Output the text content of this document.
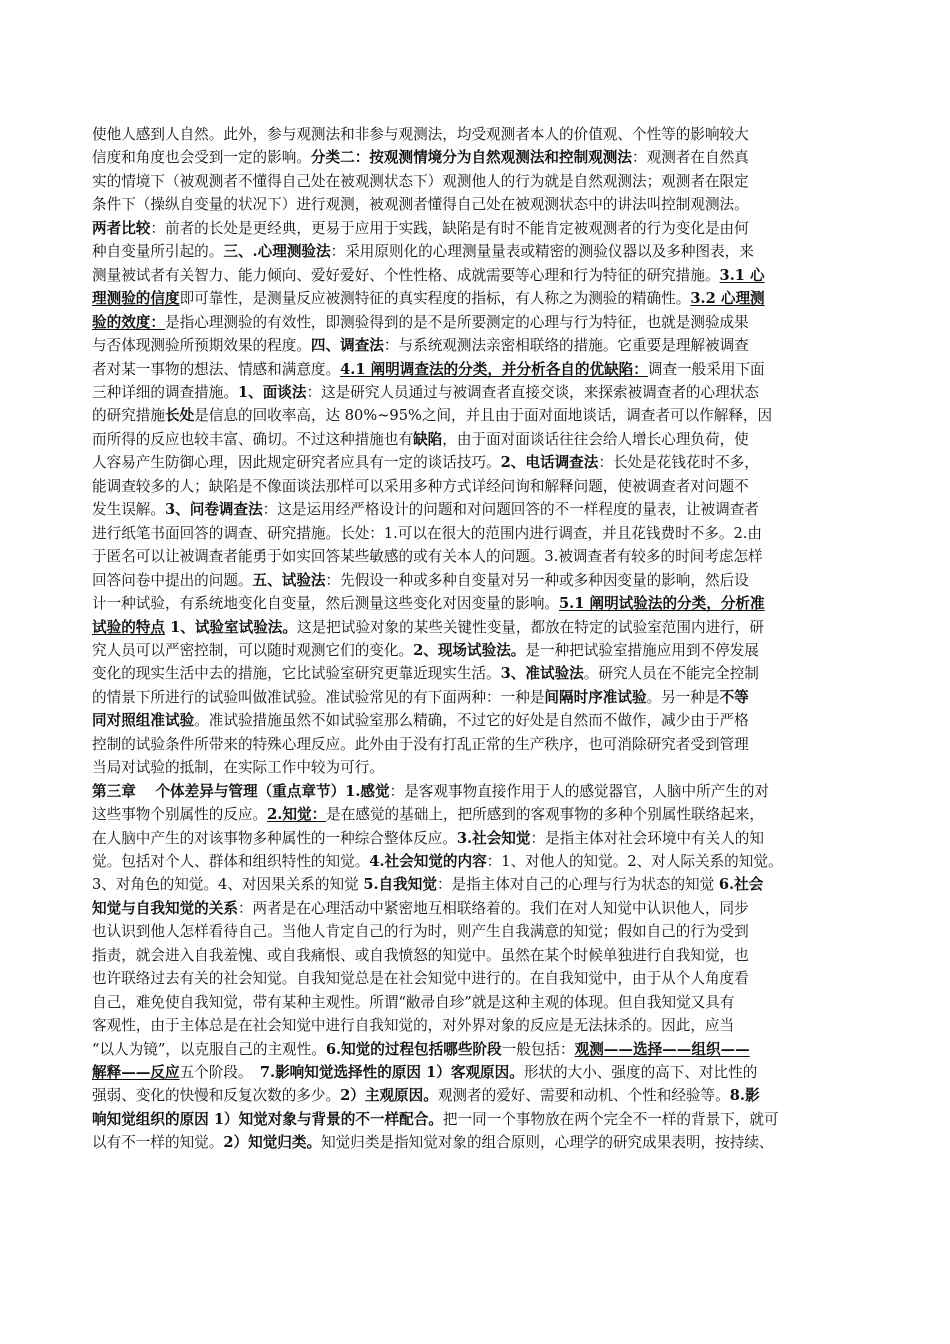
使他人感到人自然。此外，参与观测法和非参与观测法，均受观测者本人的价值观、个性等的影响较大
信度和角度也会受到一定的影响。分类二：按观测情境分为自然观测法和控制观测法：观测者在自然真
实的情境下（被观测者不懂得自己处在被观测状态下）观测他人的行为就是自然观测法；观测者在限定
条件下（操纵自变量的状况下）进行观测，被观测者懂得自己处在被观测状态中的讲法叫控制观测法。
两者比较：前者的长处是更经典，更易于应用于实践，缺陷是有时不能肯定被观测者的行为变化是由何
种自变量所引起的。三、.心理测验法：采用原则化的心理测量量表或精密的测验仪器以及多种图表，来
测量被试者有关智力、能力倾向、爱好爱好、个性性格、成就需要等心理和行为特征的研究措施。3.1 心
理测验的信度即可靠性，是测量反应被测特征的真实程度的指标，有人称之为测验的精确性。3.2 心理测
验的效度：是指心理测验的有效性，即测验得到的是不是所要测定的心理与行为特征，也就是测验成果
与否体现测验所预期效果的程度。四、调查法：与系统观测法亲密相联络的措施。它重要是理解被调查
者对某一事物的想法、情感和满意度。4.1 阐明调查法的分类，并分析各自的优缺陷：调查一般采用下面
三种详细的调查措施。1、面谈法：这是研究人员通过与被调查者直接交谈，来探索被调查者的心理状态
的研究措施长处是信息的回收率高，达 80%~95%之间，并且由于面对面地谈话，调查者可以作解释，因
而所得的反应也较丰富、确切。不过这种措施也有缺陷，由于面对面谈话往往会给人增长心理负荷，使
人容易产生防御心理，因此规定研究者应具有一定的谈话技巧。2、电话调查法：长处是花钱花时不多，
能调查较多的人；缺陷是不像面谈法那样可以采用多种方式详经问询和解释问题，使被调查者对问题不
发生误解。3、问卷调查法：这是运用经严格设计的问题和对问题回答的不一样程度的量表，让被调查者
进行纸笔书面回答的调查、研究措施。长处：1.可以在很大的范围内进行调查，并且花钱费时不多。2.由
于匿名可以让被调查者能勇于如实回答某些敏感的或有关本人的问题。3.被调查者有较多的时间考虑怎样
回答问卷中提出的问题。五、试验法：先假设一种或多种自变量对另一种或多种因变量的影响，然后设
计一种试验，有系统地变化自变量，然后测量这些变化对因变量的影响。5.1 阐明试验法的分类，分析准
试验的特点 1、试验室试验法。这是把试验对象的某些关键性变量，都放在特定的试验室范围内进行，研
究人员可以严密控制，可以随时观测它们的变化。2、现场试验法。是一种把试验室措施应用到不停发展
变化的现实生活中去的措施，它比试验室研究更靠近现实生活。3、准试验法。研究人员在不能完全控制
的情景下所进行的试验叫做准试验。准试验常见的有下面两种：一种是间隔时序准试验。另一种是不等
同对照组准试验。准试验措施虽然不如试验室那么精确，不过它的好处是自然而不做作，减少由于严格
控制的试验条件所带来的特殊心理反应。此外由于没有打乱正常的生产秩序，也可消除研究者受到管理
当局对试验的抵制，在实际工作中较为可行。
第三章　 个体差异与管理（重点章节）1.感觉：是客观事物直接作用于人的感觉器官，人脑中所产生的对
这些事物个别属性的反应。2.知觉：是在感觉的基础上，把所感到的客观事物的多种个别属性联络起来，
在人脑中产生的对该事物多种属性的一种综合整体反应。3.社会知觉：是指主体对社会环境中有关人的知
觉。包括对个人、群体和组织特性的知觉。4.社会知觉的内容：1、对他人的知觉。2、对人际关系的知觉。
3、对角色的知觉。4、对因果关系的知觉 5.自我知觉：是指主体对自己的心理与行为状态的知觉 6.社会
知觉与自我知觉的关系：两者是在心理活动中紧密地互相联络着的。我们在对人知觉中认识他人，同步
也认识到他人怎样看待自己。当他人肯定自己的行为时，则产生自我满意的知觉；假如自己的行为受到
指责，就会进入自我羞愧、或自我痛恨、或自我愤怒的知觉中。虽然在某个时候单独进行自我知觉，也
也许联络过去有关的社会知觉。自我知觉总是在社会知觉中进行的。在自我知觉中，由于从个人角度看
自己，难免使自我知觉，带有某种主观性。所谓“敝帚自珍”就是这种主观的体现。但自我知觉又具有
客观性，由于主体总是在社会知觉中进行自我知觉的，对外界对象的反应是无法抹杀的。因此，应当
“以人为镜”，以克服自己的主观性。6.知觉的过程包括哪些阶段一般包括：观测——选择——组织——
解释——反应五个阶段。　7.影响知觉选择性的原因 1）客观原因。形状的大小、强度的高下、对比性的
强弱、变化的快慢和反复次数的多少。2）主观原因。观测者的爱好、需要和动机、个性和经验等。8.影
响知觉组织的原因 1）知觉对象与背景的不一样配合。把一同一个事物放在两个完全不一样的背景下，就可
以有不一样的知觉。2）知觉归类。知觉归类是指知觉对象的组合原则，心理学的研究成果表明，按持续、
